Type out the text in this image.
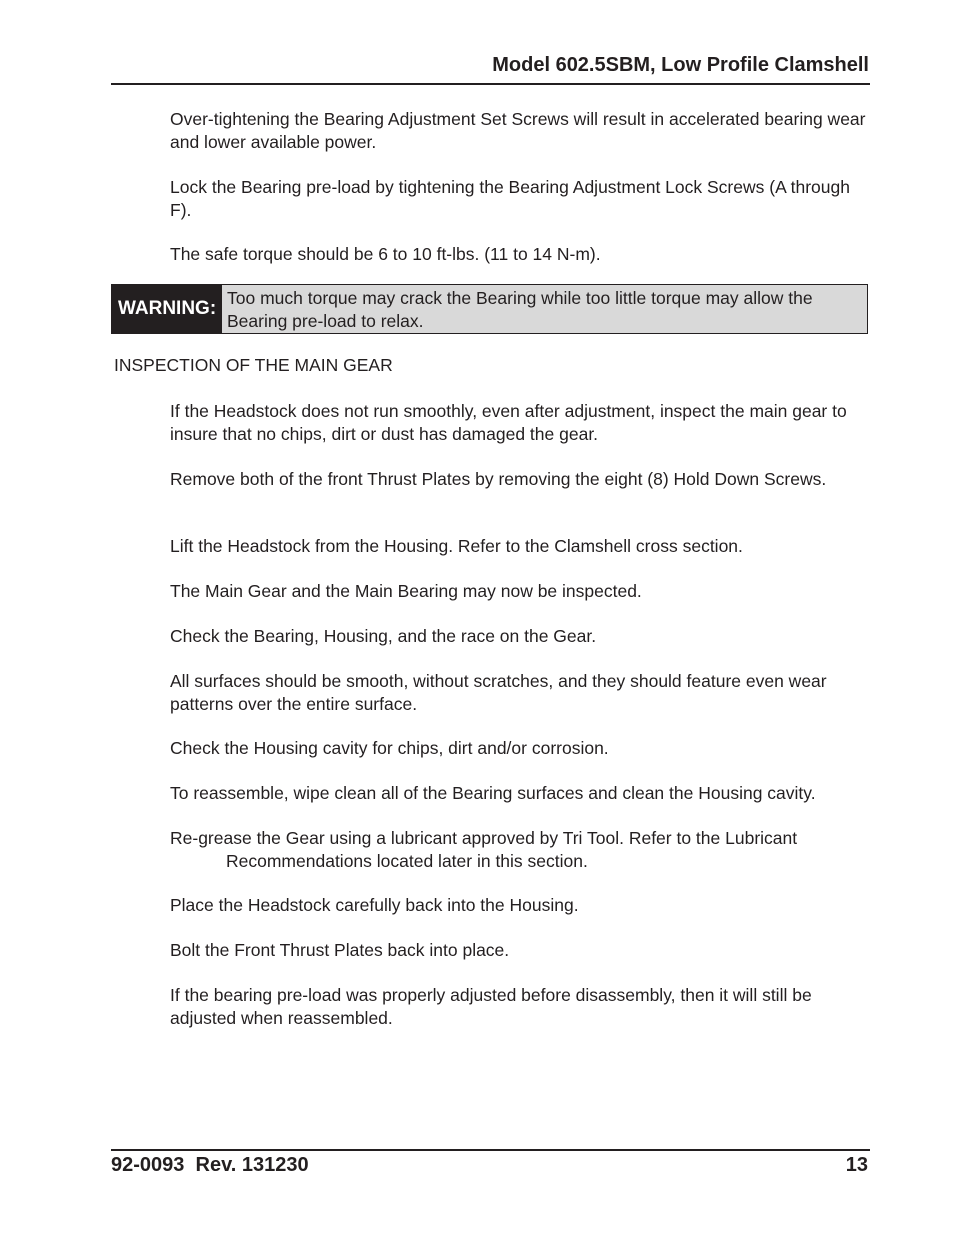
Model 602.5SBM, Low Profile Clamshell

Over-tightening the Bearing Adjustment Set Screws will result in accelerated bearing wear and lower available power.

Lock the Bearing pre-load by tightening the Bearing Adjustment Lock Screws (A through F).

The safe torque should be 6 to 10 ft-lbs. (11 to 14 N-m).

WARNING: Too much torque may crack the Bearing while too little torque may allow the Bearing pre-load to relax.
INSPECTION OF THE MAIN GEAR

If the Headstock does not run smoothly, even after adjustment, inspect the main gear to insure that no chips, dirt or dust has damaged the gear.

Remove both of the front Thrust Plates by removing the eight (8) Hold Down Screws.

Lift the Headstock from the Housing. Refer to the Clamshell cross section.

The Main Gear and the Main Bearing may now be inspected.

Check the Bearing, Housing, and the race on the Gear.

All surfaces should be smooth, without scratches, and they should feature even wear patterns over the entire surface.

Check the Housing cavity for chips, dirt and/or corrosion.

To reassemble, wipe clean all of the Bearing surfaces and clean the Housing cavity.

Re-grease the Gear using a lubricant approved by Tri Tool. Refer to the Lubricant Recommendations located later in this section.

Place the Headstock carefully back into the Housing.

Bolt the Front Thrust Plates back into place.

If the bearing pre-load was properly adjusted before disassembly, then it will still be adjusted when reassembled.

92-0093  Rev. 131230	13
